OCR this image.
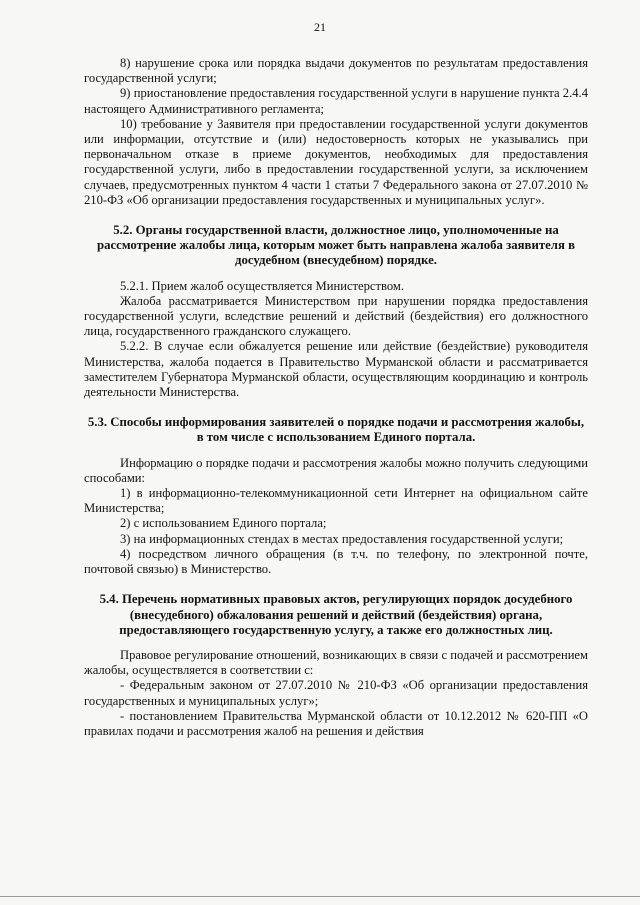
21

8) нарушение срока или порядка выдачи документов по результатам предоставления государственной услуги;

9) приостановление предоставления государственной услуги в нарушение пункта 2.4.4 настоящего Административного регламента;

10) требование у Заявителя при предоставлении государственной услуги документов или информации, отсутствие и (или) недостоверность которых не указывались при первоначальном отказе в приеме документов, необходимых для предоставления государственной услуги, либо в предоставлении государственной услуги, за исключением случаев, предусмотренных пунктом 4 части 1 статьи 7 Федерального закона от 27.07.2010 № 210-ФЗ «Об организации предоставления государственных и муниципальных услуг».

5.2. Органы государственной власти, должностное лицо, уполномоченные на рассмотрение жалобы лица, которым может быть направлена жалоба заявителя в досудебном (внесудебном) порядке.

5.2.1. Прием жалоб осуществляется Министерством.

Жалоба рассматривается Министерством при нарушении порядка предоставления государственной услуги, вследствие решений и действий (бездействия) его должностного лица, государственного гражданского служащего.

5.2.2. В случае если обжалуется решение или действие (бездействие) руководителя Министерства, жалоба подается в Правительство Мурманской области и рассматривается заместителем Губернатора Мурманской области, осуществляющим координацию и контроль деятельности Министерства.

5.3. Способы информирования заявителей о порядке подачи и рассмотрения жалобы, в том числе с использованием Единого портала.

Информацию о порядке подачи и рассмотрения жалобы можно получить следующими способами:

1) в информационно-телекоммуникационной сети Интернет на официальном сайте Министерства;

2) с использованием Единого портала;

3) на информационных стендах в местах предоставления государственной услуги;

4) посредством личного обращения (в т.ч. по телефону, по электронной почте, почтовой связью) в Министерство.

5.4. Перечень нормативных правовых актов, регулирующих порядок досудебного (внесудебного) обжалования решений и действий (бездействия) органа, предоставляющего государственную услугу, а также его должностных лиц.

Правовое регулирование отношений, возникающих в связи с подачей и рассмотрением жалобы, осуществляется в соответствии с:

- Федеральным законом от 27.07.2010 № 210-ФЗ «Об организации предоставления государственных и муниципальных услуг»;

- постановлением Правительства Мурманской области от 10.12.2012 № 620-ПП «О правилах подачи и рассмотрения жалоб на решения и действия
